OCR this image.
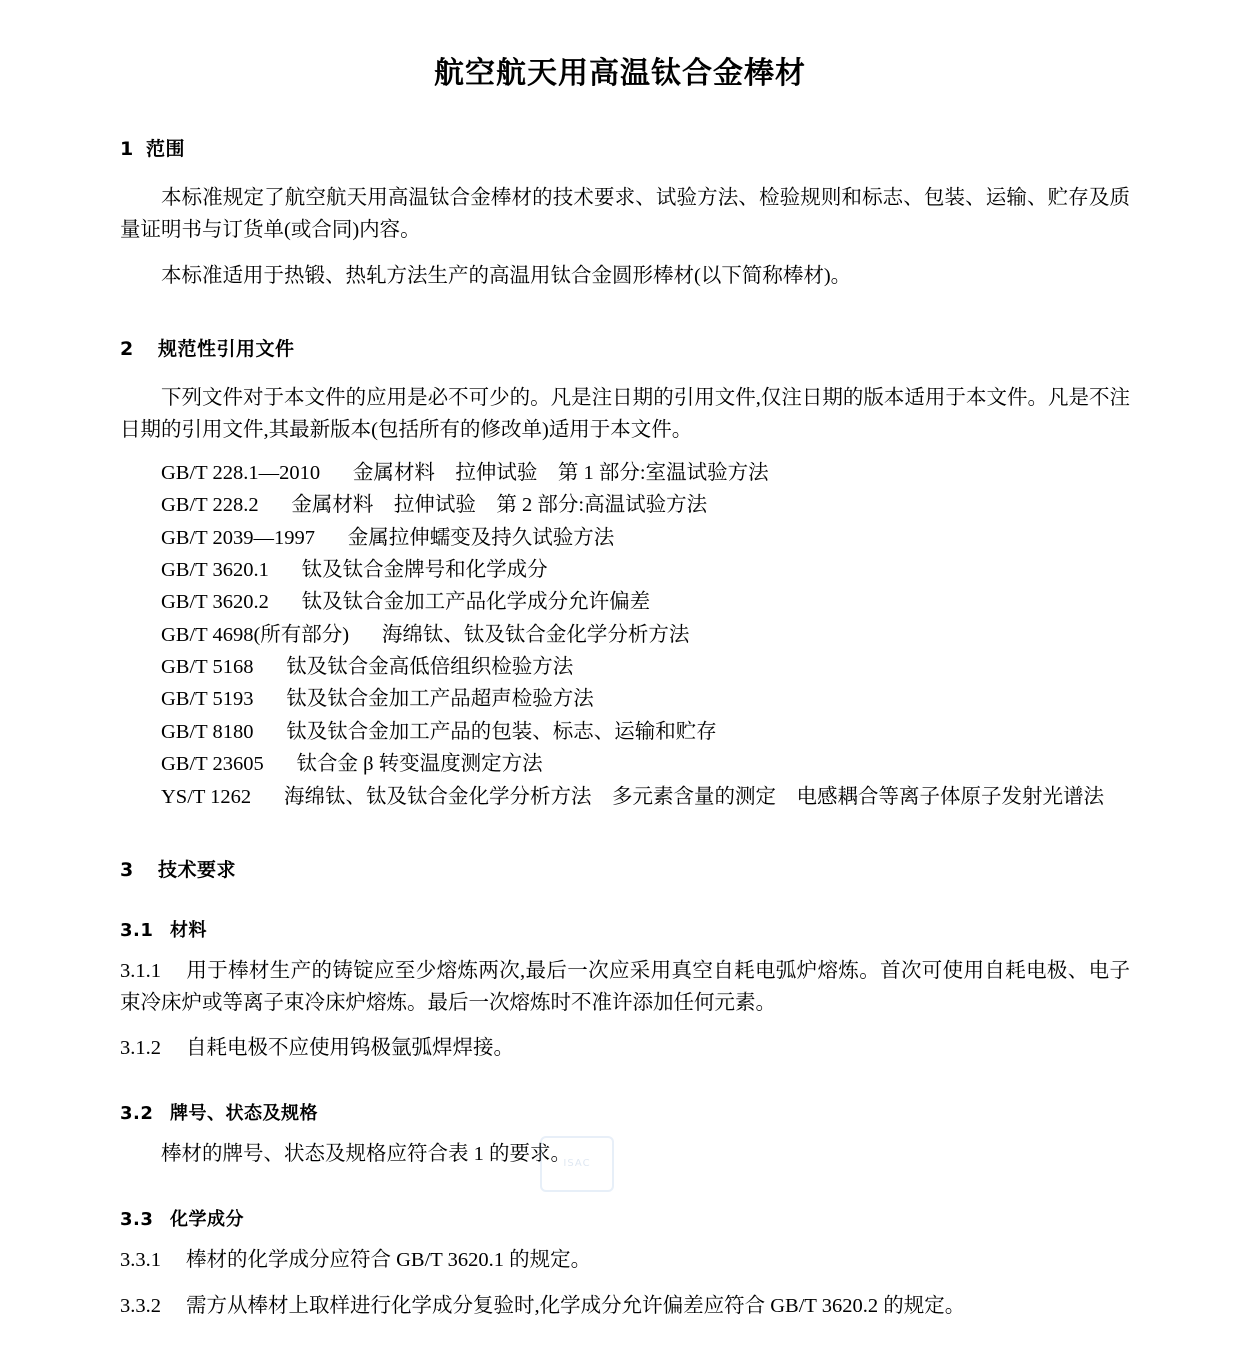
航空航天用高温钛合金棒材
1 范围

本标准规定了航空航天用高温钛合金棒材的技术要求、试验方法、检验规则和标志、包装、运输、贮存及质量证明书与订货单(或合同)内容。

本标准适用于热锻、热轧方法生产的高温用钛合金圆形棒材(以下简称棒材)。

2 规范性引用文件

下列文件对于本文件的应用是必不可少的。凡是注日期的引用文件,仅注日期的版本适用于本文件。凡是不注日期的引用文件,其最新版本(包括所有的修改单)适用于本文件。

GB/T 228.1—2010 金属材料　拉伸试验　第 1 部分:室温试验方法
GB/T 228.2 金属材料　拉伸试验　第 2 部分:高温试验方法
GB/T 2039—1997 金属拉伸蠕变及持久试验方法
GB/T 3620.1 钛及钛合金牌号和化学成分
GB/T 3620.2 钛及钛合金加工产品化学成分允许偏差
GB/T 4698(所有部分) 海绵钛、钛及钛合金化学分析方法
GB/T 5168 钛及钛合金高低倍组织检验方法
GB/T 5193 钛及钛合金加工产品超声检验方法
GB/T 8180 钛及钛合金加工产品的包装、标志、运输和贮存
GB/T 23605 钛合金 β 转变温度测定方法
YS/T 1262 海绵钛、钛及钛合金化学分析方法　多元素含量的测定　电感耦合等离子体原子发射光谱法
3 技术要求
3.1 材料

3.1.1 用于棒材生产的铸锭应至少熔炼两次,最后一次应采用真空自耗电弧炉熔炼。首次可使用自耗电极、电子束冷床炉或等离子束冷床炉熔炼。最后一次熔炼时不准许添加任何元素。

3.1.2 自耗电极不应使用钨极氩弧焊焊接。

3.2 牌号、状态及规格

棒材的牌号、状态及规格应符合表 1 的要求。

3.3 化学成分

3.3.1 棒材的化学成分应符合 GB/T 3620.1 的规定。

3.3.2 需方从棒材上取样进行化学成分复验时,化学成分允许偏差应符合 GB/T 3620.2 的规定。

ISAC
